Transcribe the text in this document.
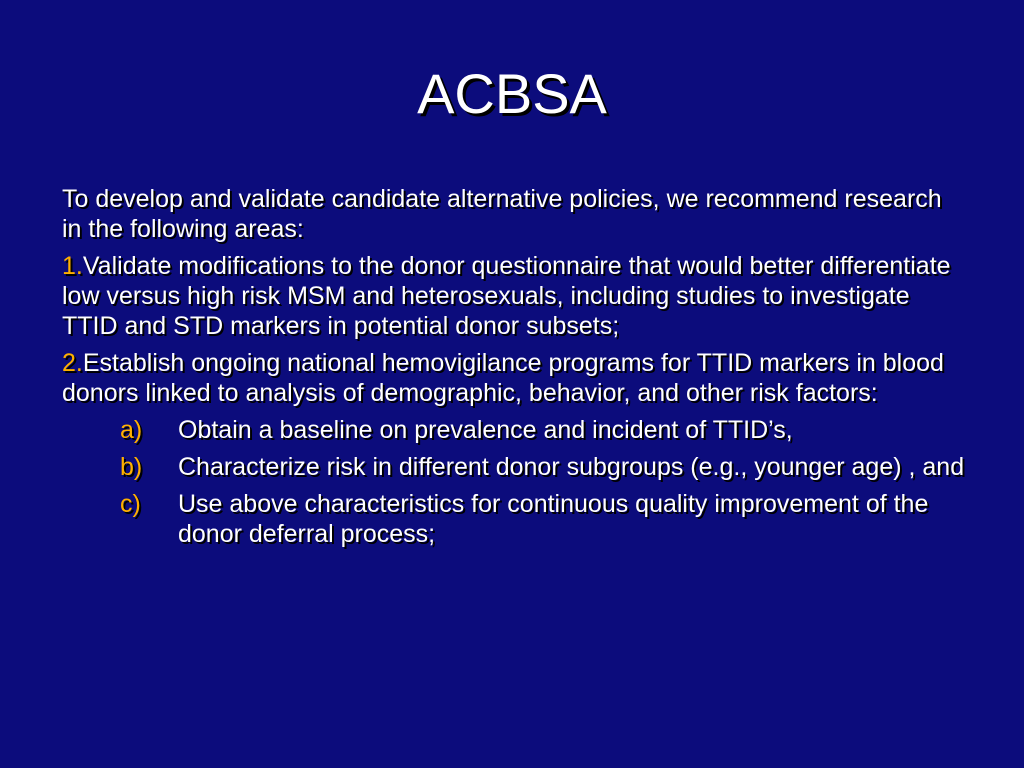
ACBSA

To develop and validate candidate alternative policies, we recommend research in the following areas:

1.Validate modifications to the donor questionnaire that would better differentiate low versus high risk MSM and heterosexuals, including studies to investigate TTID and STD markers in potential donor subsets;

2.Establish ongoing national hemovigilance programs for TTID markers in blood donors linked to analysis of demographic, behavior, and other risk factors:

a) Obtain a baseline on prevalence and incident of TTID’s,
b) Characterize risk in different donor subgroups (e.g., younger age) , and
c) Use above characteristics for continuous quality improvement of the donor deferral process;
